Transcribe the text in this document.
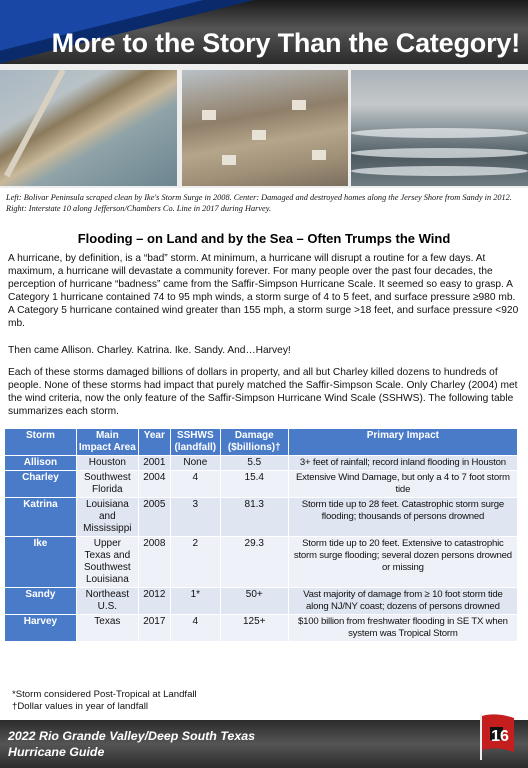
More to the Story Than the Category!
Left: Bolivar Peninsula scraped clean by Ike's Storm Surge in 2008. Center: Damaged and destroyed homes along the Jersey Shore from Sandy in 2012. Right: Interstate 10 along Jefferson/Chambers Co. Line in 2017 during Harvey.
Flooding – on Land and by the Sea – Often Trumps the Wind

A hurricane, by definition, is a “bad” storm. At minimum, a hurricane will disrupt a routine for a few days. At maximum, a hurricane will devastate a community forever. For many people over the past four decades, the perception of hurricane “badness” came from the Saffir-Simpson Hurricane Scale. It seemed so easy to grasp. A Category 1 hurricane contained 74 to 95 mph winds, a storm surge of 4 to 5 feet, and surface pressure ≥980 mb. A Category 5 hurricane contained wind greater than 155 mph, a storm surge >18 feet, and surface pressure <920 mb.

Then came Allison. Charley. Katrina. Ike. Sandy. And…Harvey!

Each of these storms damaged billions of dollars in property, and all but Charley killed dozens to hundreds of people. None of these storms had impact that purely matched the Saffir-Simpson Scale. Only Charley (2004) met the wind criteria, now the only feature of the Saffir-Simpson Hurricane Wind Scale (SSHWS). The following table summarizes each storm.

Storm	Main Impact Area	Year	SSHWS (landfall)	Damage ($billions)†	Primary Impact
Allison	Houston	2001	None	5.5	3+ feet of rainfall; record inland flooding in Houston
Charley	Southwest Florida	2004	4	15.4	Extensive Wind Damage, but only a 4 to 7 foot storm tide
Katrina	Louisiana and Mississippi	2005	3	81.3	Storm tide up to 28 feet. Catastrophic storm surge flooding; thousands of persons drowned
Ike	Upper Texas and Southwest Louisiana	2008	2	29.3	Storm tide up to 20 feet. Extensive to catastrophic storm surge flooding; several dozen persons drowned or missing
Sandy	Northeast U.S.	2012	1*	50+	Vast majority of damage from ≥ 10 foot storm tide along NJ/NY coast; dozens of persons drowned
Harvey	Texas	2017	4	125+	$100 billion from freshwater flooding in SE TX when system was Tropical Storm
*Storm considered Post-Tropical at Landfall
†Dollar values in year of landfall
2022 Rio Grande Valley/Deep South Texas
Hurricane Guide
16
